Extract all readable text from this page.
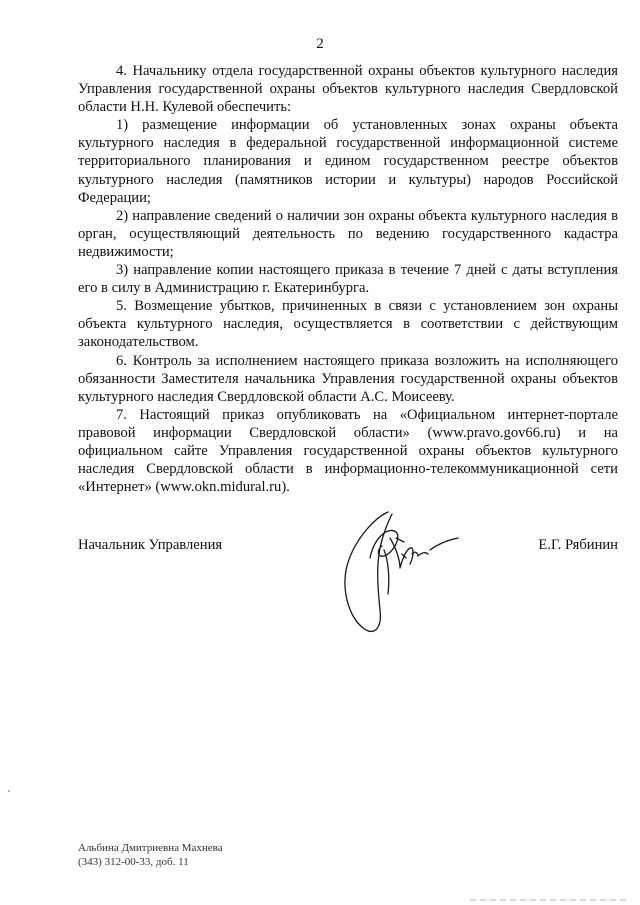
2

4. Начальнику отдела государственной охраны объектов культурного наследия Управления государственной охраны объектов культурного наследия Свердловской области Н.Н. Кулевой обеспечить:

1) размещение информации об установленных зонах охраны объекта культурного наследия в федеральной государственной информационной системе территориального планирования и едином государственном реестре объектов культурного наследия (памятников истории и культуры) народов Российской Федерации;

2) направление сведений о наличии зон охраны объекта культурного наследия в орган, осуществляющий деятельность по ведению государственного кадастра недвижимости;

3) направление копии настоящего приказа в течение 7 дней с даты вступления его в силу в Администрацию г. Екатеринбурга.

5. Возмещение убытков, причиненных в связи с установлением зон охраны объекта культурного наследия, осуществляется в соответствии с действующим законодательством.

6. Контроль за исполнением настоящего приказа возложить на исполняющего обязанности Заместителя начальника Управления государственной охраны объектов культурного наследия Свердловской области А.С. Моисееву.

7. Настоящий приказ опубликовать на «Официальном интернет-портале правовой информации Свердловской области» (www.pravo.gov66.ru) и на официальном сайте Управления государственной охраны объектов культурного наследия Свердловской области в информационно-телекоммуникационной сети «Интернет» (www.okn.midural.ru).

Начальник Управления	Е.Г. Рябинин
Альбина Дмитриевна Махнева
(343) 312-00-33, доб. 11
